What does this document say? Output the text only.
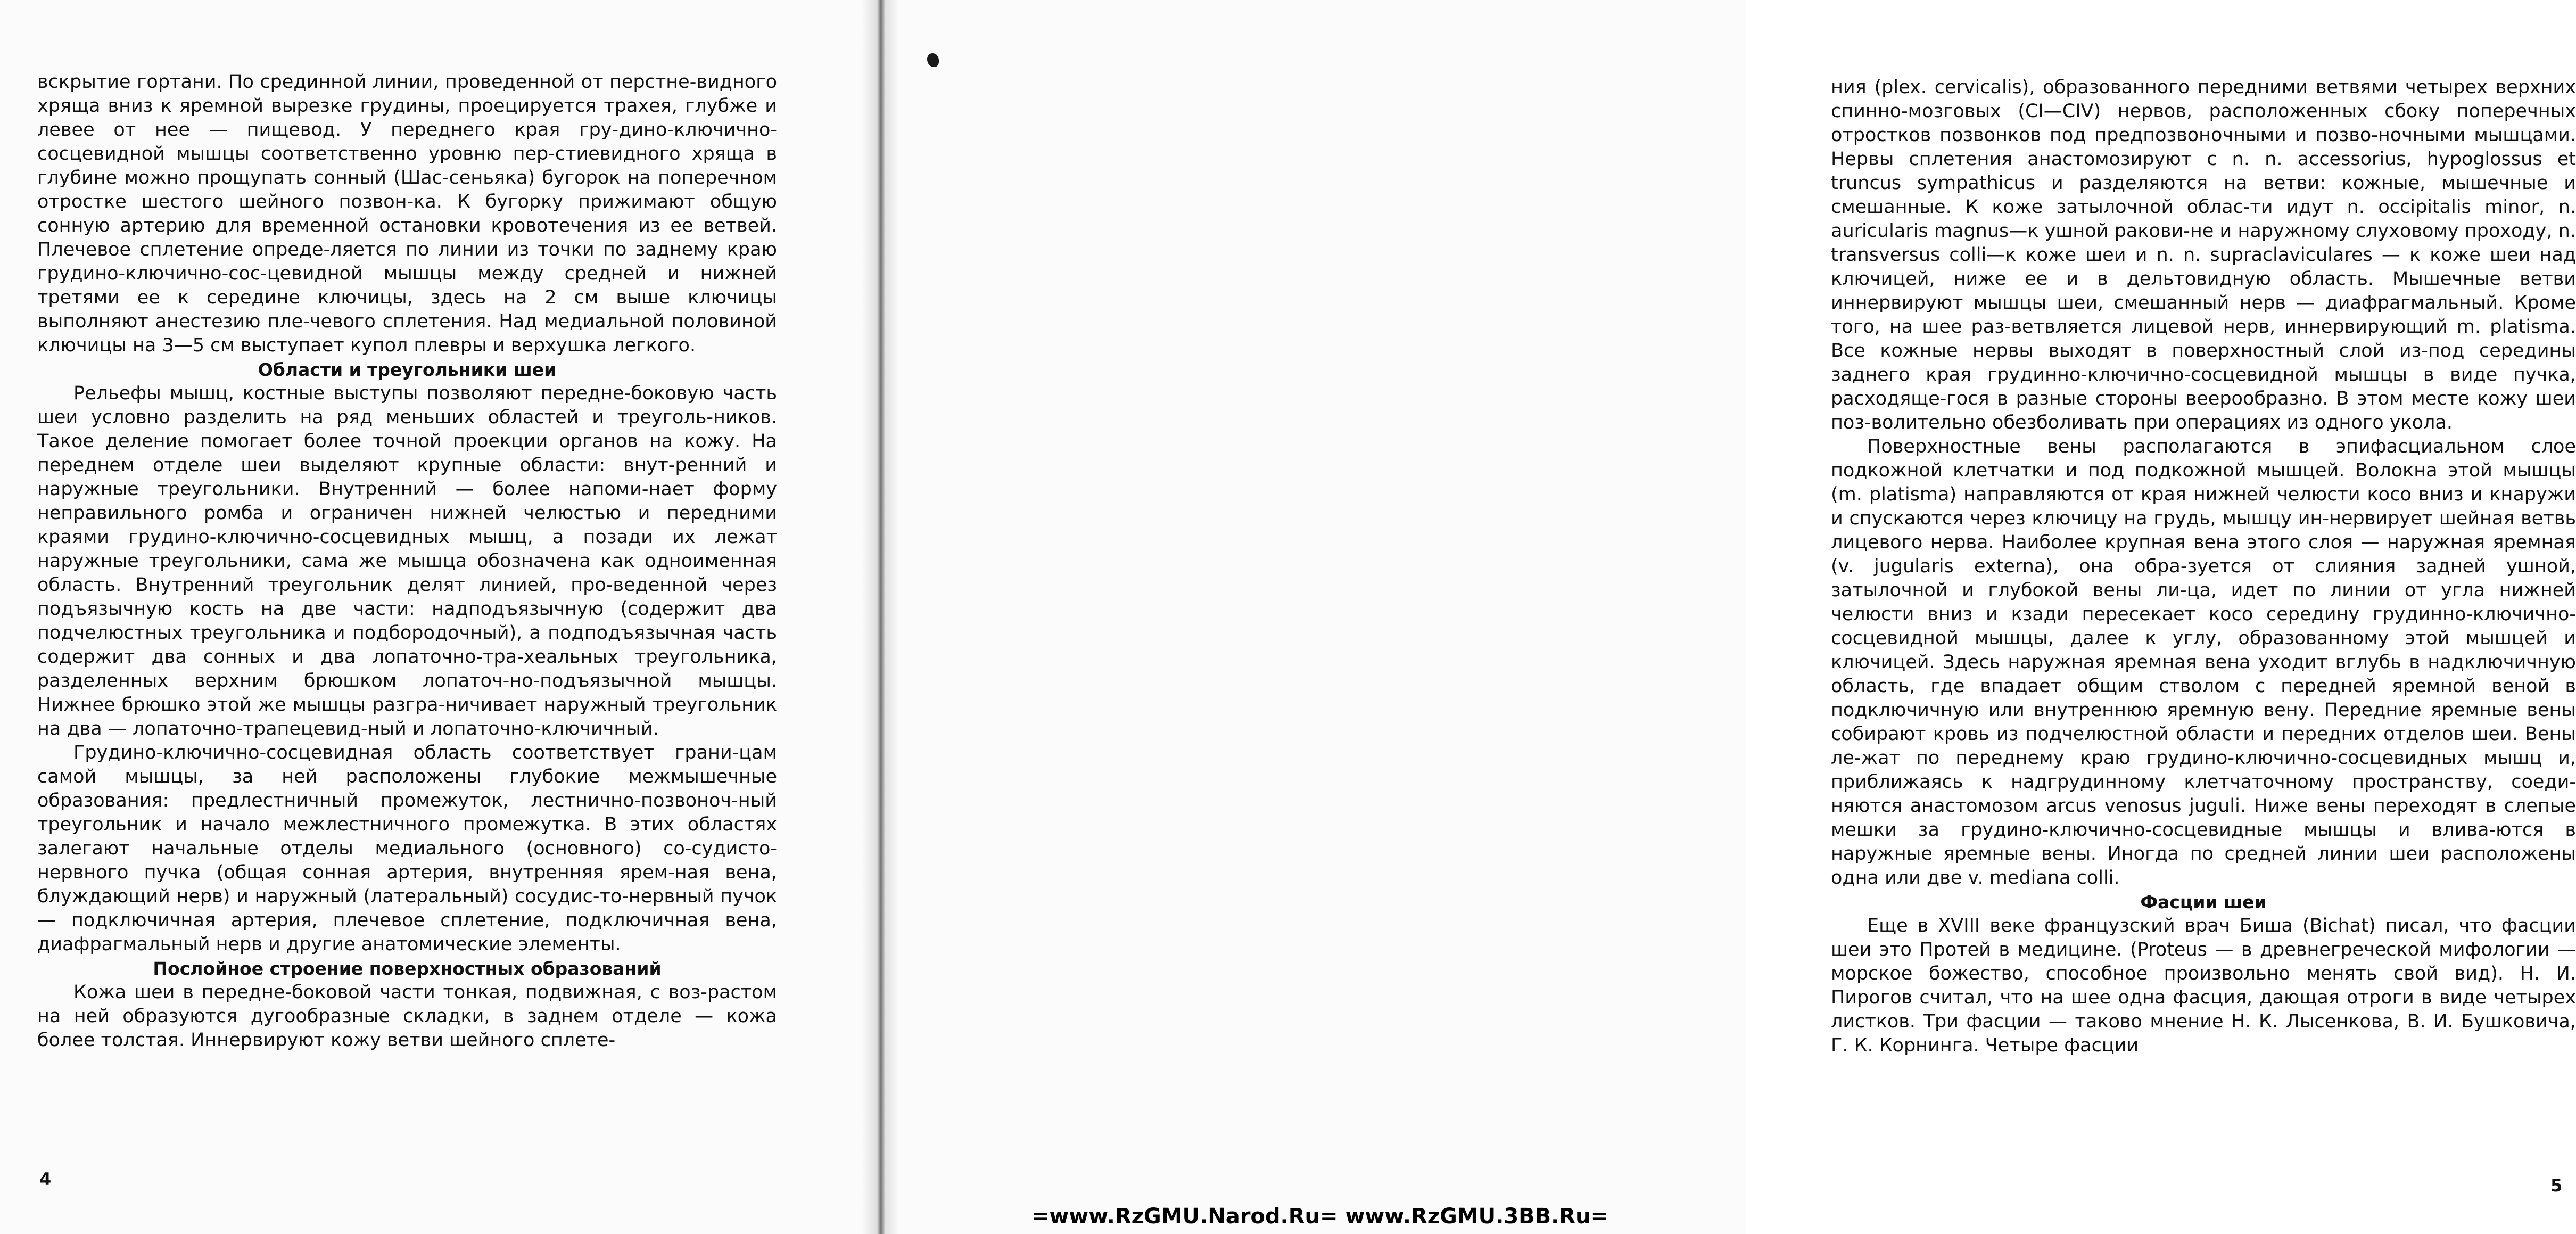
вскрытие гортани. По срединной линии, проведенной от перстне-видного хряща вниз к яремной вырезке грудины, проецируется трахея, глубже и левее от нее — пищевод. У переднего края гру-дино-ключично-сосцевидной мышцы соответственно уровню пер-стиевидного хряща в глубине можно прощупать сонный (Шас-сеньяка) бугорок на поперечном отростке шестого шейного позвон-ка. К бугорку прижимают общую сонную артерию для временной остановки кровотечения из ее ветвей. Плечевое сплетение опреде-ляется по линии из точки по заднему краю грудино-ключично-сос-цевидной мышцы между средней и нижней третями ее к середине ключицы, здесь на 2 см выше ключицы выполняют анестезию пле-чевого сплетения. Над медиальной половиной ключицы на 3—5 см выступает купол плевры и верхушка легкого.

Области и треугольники шеи

Рельефы мышц, костные выступы позволяют передне-боковую часть шеи условно разделить на ряд меньших областей и треуголь-ников. Такое деление помогает более точной проекции органов на кожу. На переднем отделе шеи выделяют крупные области: внут-ренний и наружные треугольники. Внутренний — более напоми-нает форму неправильного ромба и ограничен нижней челюстью и передними краями грудино-ключично-сосцевидных мышц, а позади их лежат наружные треугольники, сама же мышца обозначена как одноименная область. Внутренний треугольник делят линией, про-веденной через подъязычную кость на две части: надподъязычную (содержит два подчелюстных треугольника и подбородочный), а подподъязычная часть содержит два сонных и два лопаточно-тра-хеальных треугольника, разделенных верхним брюшком лопаточ-но-подъязычной мышцы. Нижнее брюшко этой же мышцы разгра-ничивает наружный треугольник на два — лопаточно-трапецевид-ный и лопаточно-ключичный.

Грудино-ключично-сосцевидная область соответствует грани-цам самой мышцы, за ней расположены глубокие межмышечные образования: предлестничный промежуток, лестнично-позвоноч-ный треугольник и начало межлестничного промежутка. В этих областях залегают начальные отделы медиального (основного) со-судисто-нервного пучка (общая сонная артерия, внутренняя ярем-ная вена, блуждающий нерв) и наружный (латеральный) сосудис-то-нервный пучок — подключичная артерия, плечевое сплетение, подключичная вена, диафрагмальный нерв и другие анатомические элементы.

Послойное строение поверхностных образований

Кожа шеи в передне-боковой части тонкая, подвижная, с воз-растом на ней образуются дугообразные складки, в заднем отделе — кожа более толстая. Иннервируют кожу ветви шейного сплете-

4

ния (plex. cervicalis), образованного передними ветвями четырех верхних спинно-мозговых (CI—CIV) нервов, расположенных сбоку поперечных отростков позвонков под предпозвоночными и позво-ночными мышцами. Нервы сплетения анастомозируют с n. n. accessorius, hypoglossus et truncus sympathicus и разделяются на ветви: кожные, мышечные и смешанные. К коже затылочной облас-ти идут n. occipitalis minor, n. auricularis magnus—к ушной ракови-не и наружному слуховому проходу, n. transversus colli—к коже шеи и n. n. supraclaviculares — к коже шеи над ключицей, ниже ее и в дельтовидную область. Мышечные ветви иннервируют мышцы шеи, смешанный нерв — диафрагмальный. Кроме того, на шее раз-ветвляется лицевой нерв, иннервирующий m. platisma. Все кожные нервы выходят в поверхностный слой из-под середины заднего края грудинно-ключично-сосцевидной мышцы в виде пучка, расходяще-гося в разные стороны веерообразно. В этом месте кожу шеи поз-волительно обезболивать при операциях из одного укола.

Поверхностные вены располагаются в эпифасциальном слое подкожной клетчатки и под подкожной мышцей. Волокна этой мышцы (m. platisma) направляются от края нижней челюсти косо вниз и кнаружи и спускаются через ключицу на грудь, мышцу ин-нервирует шейная ветвь лицевого нерва. Наиболее крупная вена этого слоя — наружная яремная (v. jugularis externa), она обра-зуется от слияния задней ушной, затылочной и глубокой вены ли-ца, идет по линии от угла нижней челюсти вниз и кзади пересекает косо середину грудинно-ключично-сосцевидной мышцы, далее к углу, образованному этой мышцей и ключицей. Здесь наружная яремная вена уходит вглубь в надключичную область, где впадает общим стволом с передней яремной веной в подключичную или внутреннюю яремную вену. Передние яремные вены собирают кровь из подчелюстной области и передних отделов шеи. Вены ле-жат по переднему краю грудино-ключично-сосцевидных мышц и, приближаясь к надгрудинному клетчаточному пространству, соеди-няются анастомозом arcus venosus juguli. Ниже вены переходят в слепые мешки за грудино-ключично-сосцевидные мышцы и влива-ются в наружные яремные вены. Иногда по средней линии шеи расположены одна или две v. mediana colli.

Фасции шеи

Еще в XVIII веке французский врач Биша (Bichat) писал, что фасции шеи это Протей в медицине. (Proteus — в древнегреческой мифологии — морское божество, способное произвольно менять свой вид). Н. И. Пирогов считал, что на шее одна фасция, дающая отроги в виде четырех листков. Три фасции — таково мнение Н. К. Лысенкова, В. И. Бушковича, Г. К. Корнинга. Четыре фасции

5
=www.RzGMU.Narod.Ru= www.RzGMU.3BB.Ru=
